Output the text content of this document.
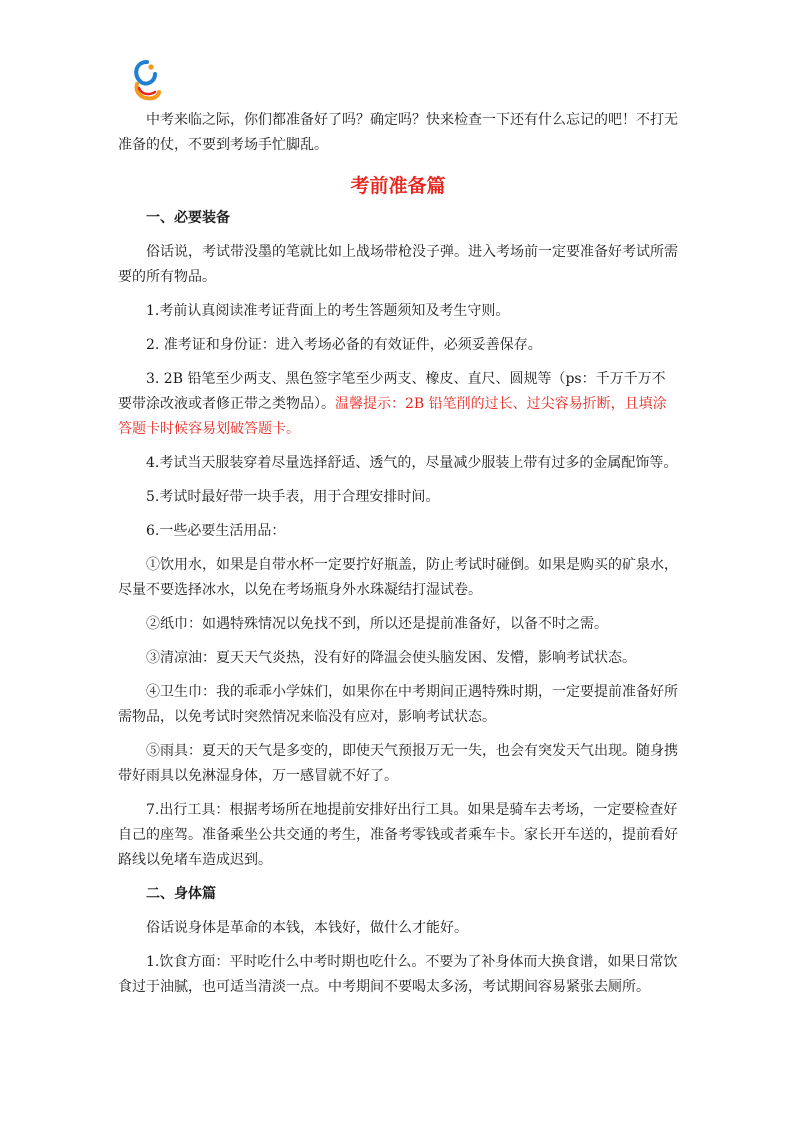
中考来临之际，你们都准备好了吗？确定吗？快来检查一下还有什么忘记的吧！不打无准备的仗，不要到考场手忙脚乱。

考前准备篇

一、必要装备

俗话说，考试带没墨的笔就比如上战场带枪没子弹。进入考场前一定要准备好考试所需要的所有物品。

1.考前认真阅读准考证背面上的考生答题须知及考生守则。

2. 准考证和身份证：进入考场必备的有效证件，必须妥善保存。

3. 2B 铅笔至少两支、黑色签字笔至少两支、橡皮、直尺、圆规等（ps：千万千万不要带涂改液或者修正带之类物品）。温馨提示：2B 铅笔削的过长、过尖容易折断，且填涂答题卡时候容易划破答题卡。

4.考试当天服装穿着尽量选择舒适、透气的，尽量减少服装上带有过多的金属配饰等。

5.考试时最好带一块手表，用于合理安排时间。

6.一些必要生活用品：

①饮用水，如果是自带水杯一定要拧好瓶盖，防止考试时碰倒。如果是购买的矿泉水，尽量不要选择冰水，以免在考场瓶身外水珠凝结打湿试卷。

②纸巾：如遇特殊情况以免找不到，所以还是提前准备好，以备不时之需。

③清凉油：夏天天气炎热，没有好的降温会使头脑发困、发懵，影响考试状态。

④卫生巾：我的乖乖小学妹们，如果你在中考期间正遇特殊时期，一定要提前准备好所需物品，以免考试时突然情况来临没有应对，影响考试状态。

⑤雨具：夏天的天气是多变的，即使天气预报万无一失，也会有突发天气出现。随身携带好雨具以免淋湿身体，万一感冒就不好了。

7.出行工具：根据考场所在地提前安排好出行工具。如果是骑车去考场，一定要检查好自己的座驾。准备乘坐公共交通的考生，准备考零钱或者乘车卡。家长开车送的，提前看好路线以免堵车造成迟到。

二、身体篇

俗话说身体是革命的本钱，本钱好，做什么才能好。

1.饮食方面：平时吃什么中考时期也吃什么。不要为了补身体而大换食谱，如果日常饮食过于油腻，也可适当清淡一点。中考期间不要喝太多汤，考试期间容易紧张去厕所。
